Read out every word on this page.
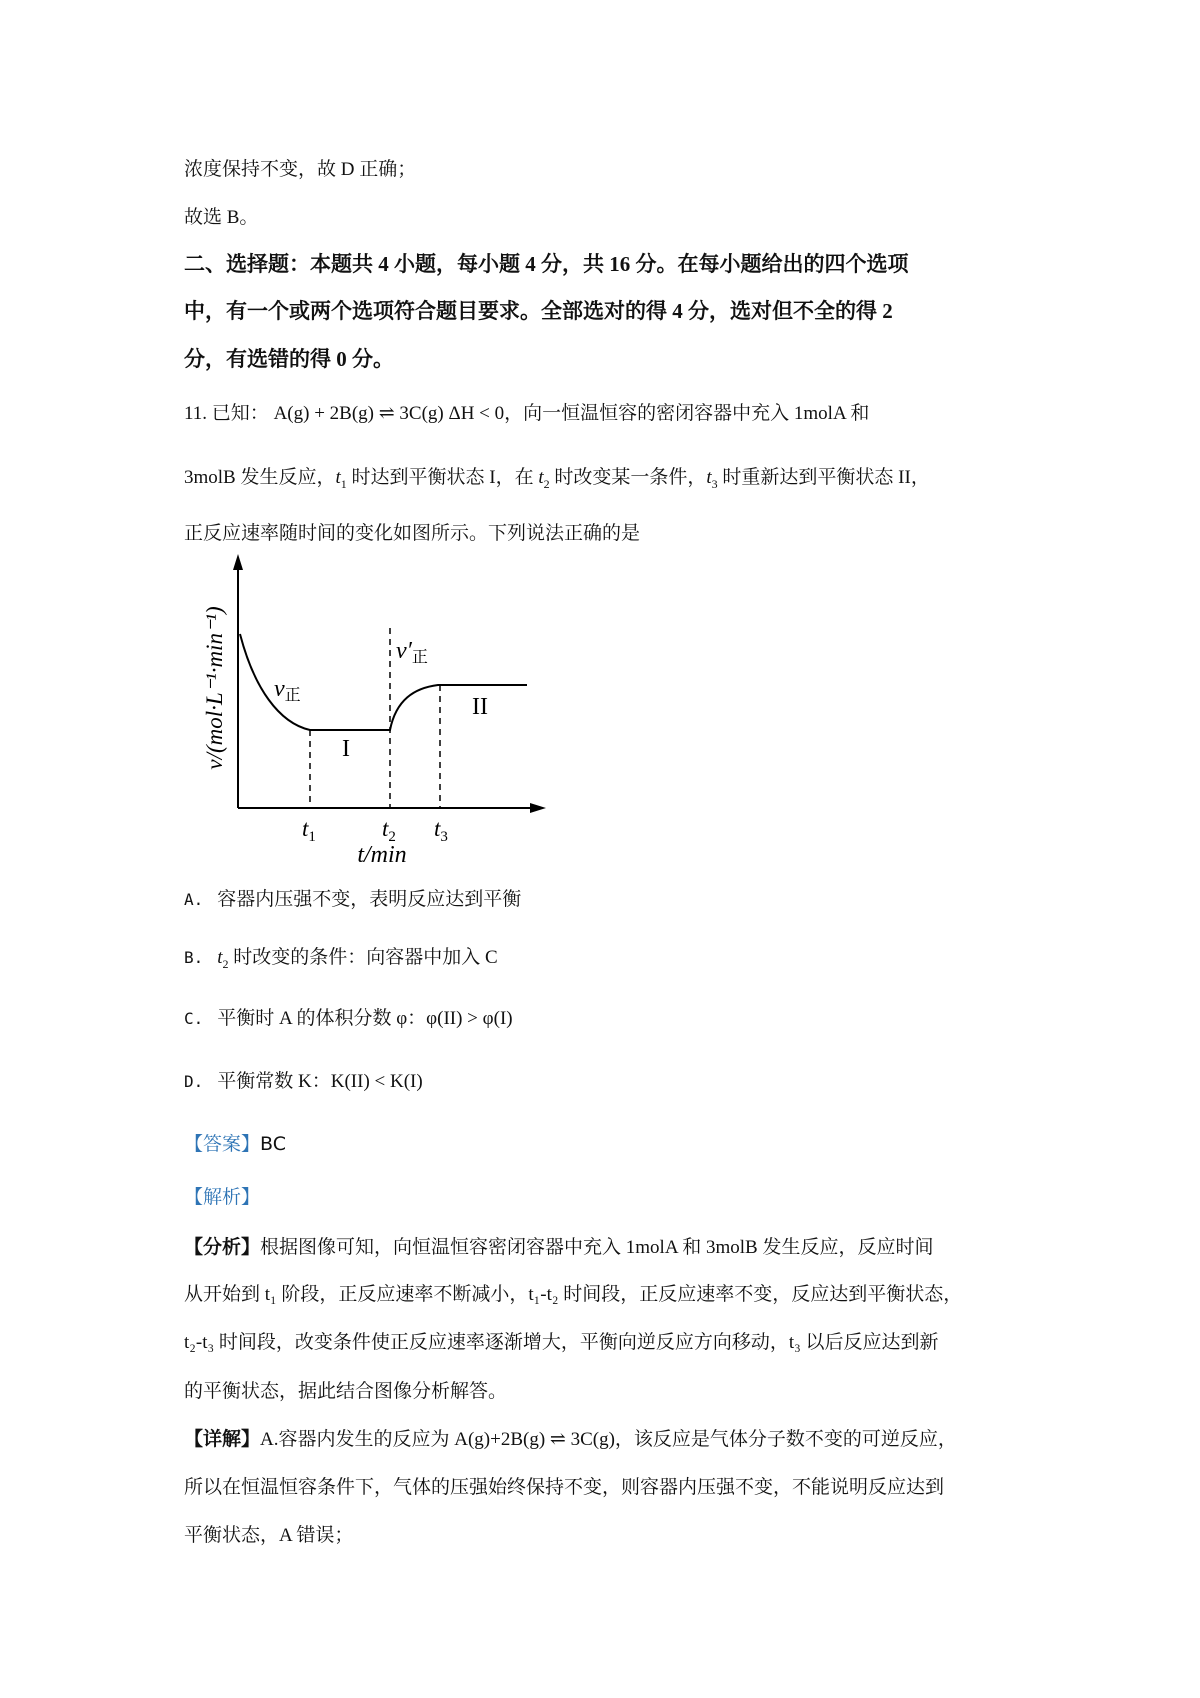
浓度保持不变，故 D 正确；
故选 B。
二、选择题：本题共 4 小题，每小题 4 分，共 16 分。在每小题给出的四个选项
中，有一个或两个选项符合题目要求。全部选对的得 4 分，选对但不全的得 2
分，有选错的得 0 分。
11. 已知： A(g) + 2B(g) ⇌ 3C(g) ΔH < 0，向一恒温恒容的密闭容器中充入 1molA 和
3molB 发生反应，$t_1$ 时达到平衡状态 I，在 $t_2$ 时改变某一条件，$t_3$ 时重新达到平衡状态 II，
正反应速率随时间的变化如图所示。下列说法正确的是
v/(mol·L⁻¹·min⁻¹)
$t_1$	$t_2$ $t_3$
t/min
v正
v′正
I
II
A. 容器内压强不变，表明反应达到平衡
B. $t_2$ 时改变的条件：向容器中加入 C
C. 平衡时 A 的体积分数 φ：φ(II) > φ(I)
D. 平衡常数 K：K(II) < K(I)
【答案】BC
【解析】
【分析】根据图像可知，向恒温恒容密闭容器中充入 1molA 和 3molB 发生反应，反应时间
从开始到 t₁ 阶段，正反应速率不断减小，t₁-t₂ 时间段，正反应速率不变，反应达到平衡状态，
t₂-t₃ 时间段，改变条件使正反应速率逐渐增大，平衡向逆反应方向移动，t₃ 以后反应达到新
的平衡状态，据此结合图像分析解答。
【详解】A.容器内发生的反应为 A(g)+2B(g) ⇌ 3C(g)，该反应是气体分子数不变的可逆反应，
所以在恒温恒容条件下，气体的压强始终保持不变，则容器内压强不变，不能说明反应达到
平衡状态，A 错误；
